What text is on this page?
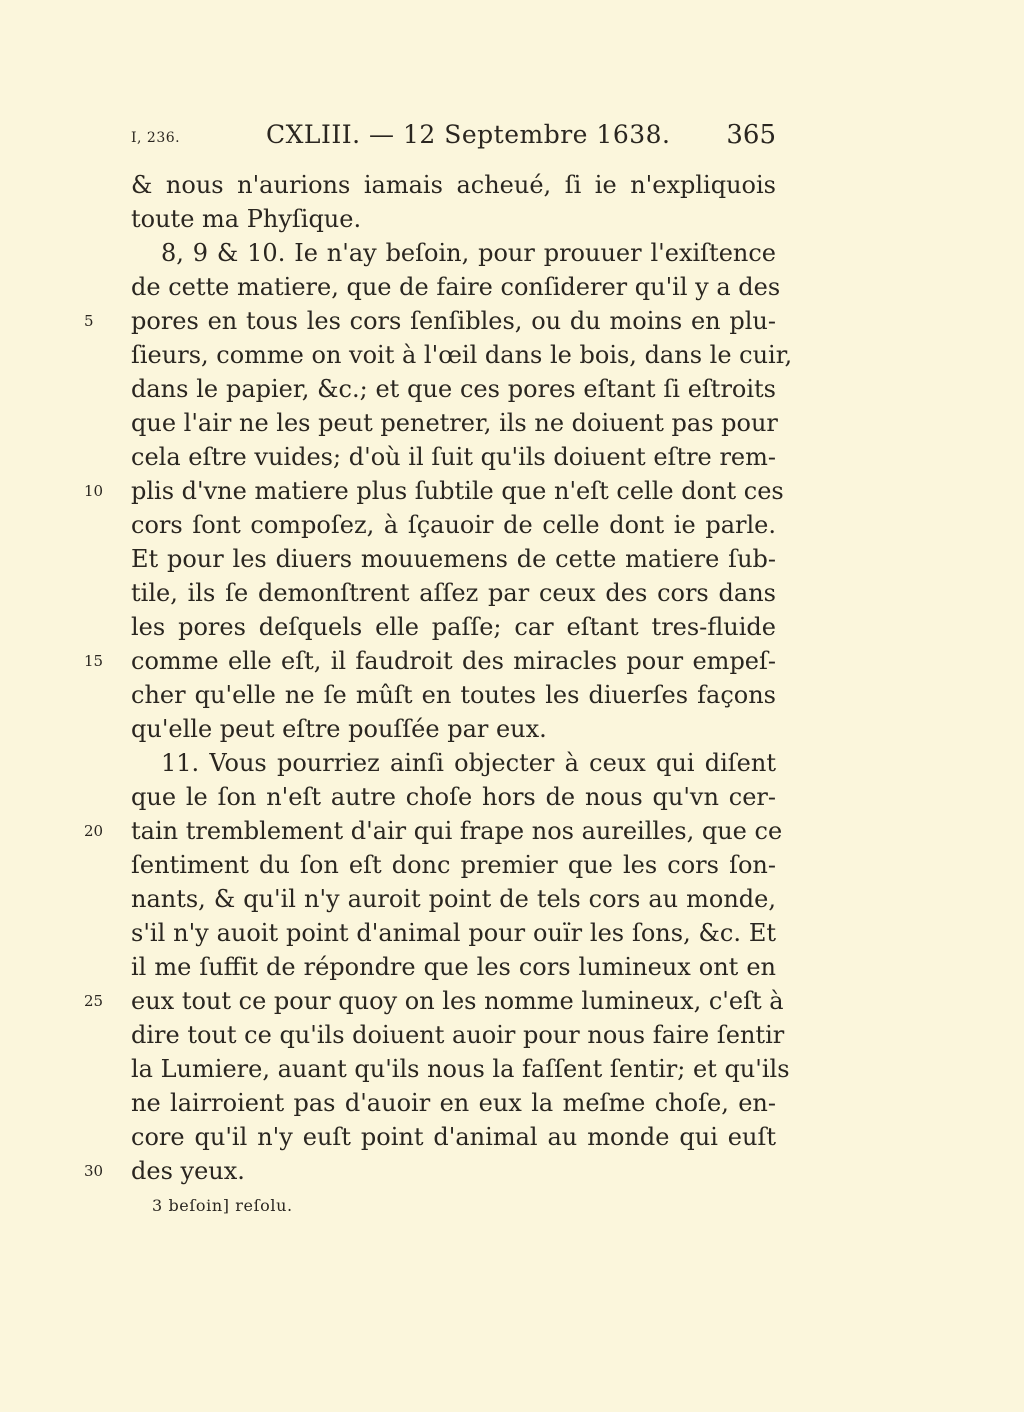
I, 236.	CXLIII. — 12 Septembre 1638. 365
& nous n'aurions iamais acheué, ſi ie n'expliquois
toute ma Phyſique.
8, 9 & 10. Ie n'ay beſoin, pour prouuer l'exiſtence
de cette matiere, que de faire conſiderer qu'il y a des
5	pores en tous les cors ſenſibles, ou du moins en plu-
ſieurs, comme on voit à l'œil dans le bois, dans le cuir,
dans le papier, &c.; et que ces pores eſtant ſi eſtroits
que l'air ne les peut penetrer, ils ne doiuent pas pour
cela eſtre vuides; d'où il ſuit qu'ils doiuent eſtre rem-
10 plis d'vne matiere plus ſubtile que n'eſt celle dont ces
cors ſont compoſez, à ſçauoir de celle dont ie parle.
Et pour les diuers mouuemens de cette matiere ſub-
tile, ils ſe demonſtrent aſſez par ceux des cors dans
les pores deſquels elle paſſe; car eſtant tres-fluide
15 comme elle eſt, il faudroit des miracles pour empeſ-
cher qu'elle ne ſe mûſt en toutes les diuerſes façons
qu'elle peut eſtre pouſſée par eux.
11. Vous pourriez ainſi objecter à ceux qui diſent
que le ſon n'eſt autre choſe hors de nous qu'vn cer-
20 tain tremblement d'air qui frape nos aureilles, que ce
ſentiment du ſon eſt donc premier que les cors ſon-
nants, & qu'il n'y auroit point de tels cors au monde,
s'il n'y auoit point d'animal pour ouïr les ſons, &c. Et
il me ſuffit de répondre que les cors lumineux ont en
25 eux tout ce pour quoy on les nomme lumineux, c'eſt à
dire tout ce qu'ils doiuent auoir pour nous faire ſentir
la Lumiere, auant qu'ils nous la faſſent ſentir; et qu'ils
ne lairroient pas d'auoir en eux la meſme choſe, en-
core qu'il n'y euſt point d'animal au monde qui euſt
30 des yeux.
3 beſoin] reſolu.
